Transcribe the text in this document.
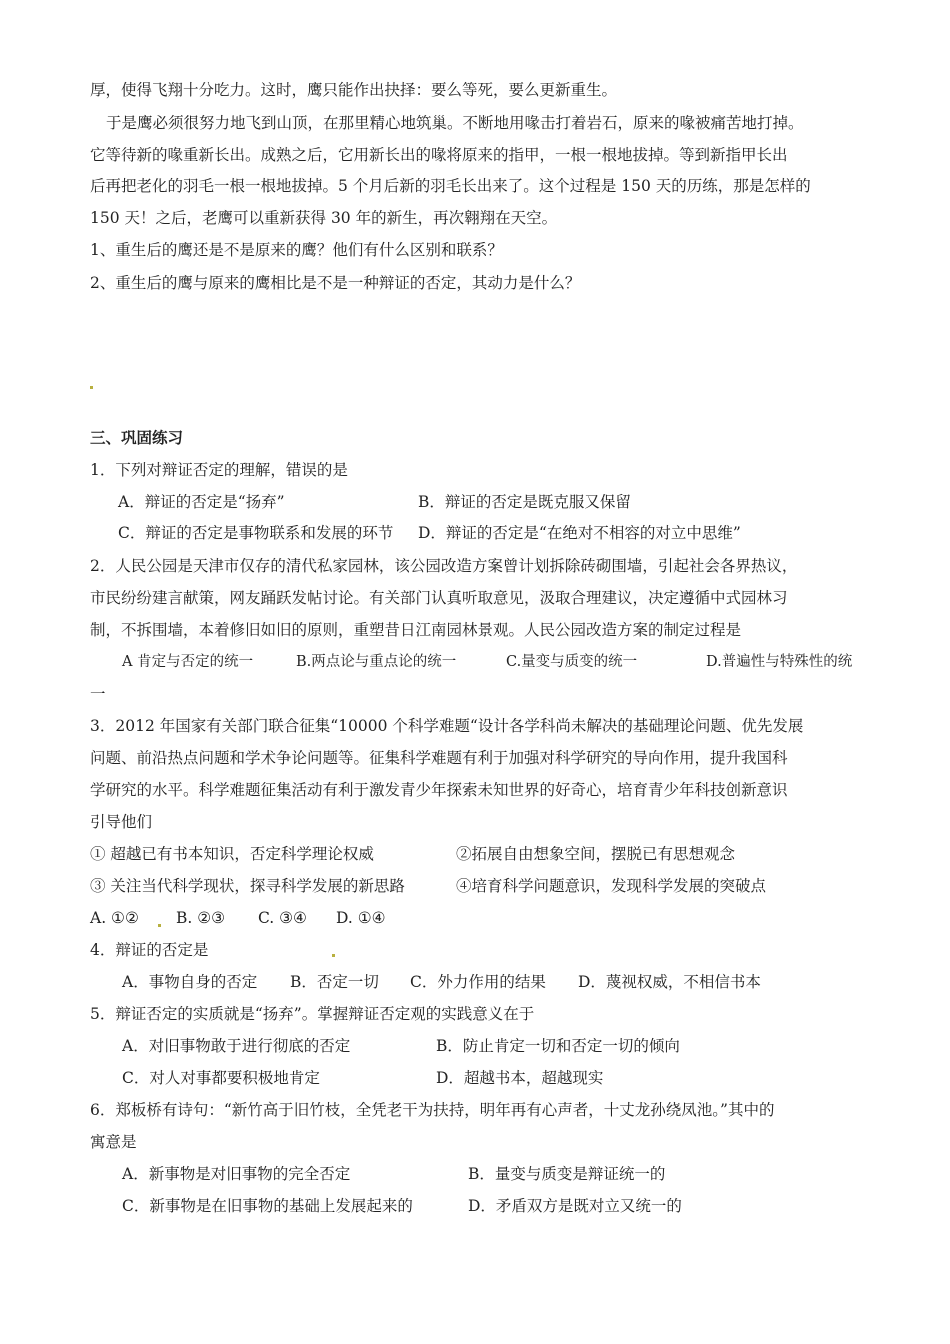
厚，使得飞翔十分吃力。这时，鹰只能作出抉择：要么等死，要么更新重生。
于是鹰必须很努力地飞到山顶，在那里精心地筑巢。不断地用喙击打着岩石，原来的喙被痛苦地打掉。
它等待新的喙重新长出。成熟之后，它用新长出的喙将原来的指甲，一根一根地拔掉。等到新指甲长出
后再把老化的羽毛一根一根地拔掉。5 个月后新的羽毛长出来了。这个过程是 150 天的历练，那是怎样的
150 天！之后，老鹰可以重新获得 30 年的新生，再次翱翔在天空。
1、重生后的鹰还是不是原来的鹰？他们有什么区别和联系？
2、重生后的鹰与原来的鹰相比是不是一种辩证的否定，其动力是什么？
三、巩固练习
1．下列对辩证否定的理解，错误的是
A．辩证的否定是“扬弃”	B．辩证的否定是既克服又保留
C．辩证的否定是事物联系和发展的环节 D．辩证的否定是“在绝对不相容的对立中思维”
2．人民公园是天津市仅存的清代私家园林，该公园改造方案曾计划拆除砖砌围墙，引起社会各界热议，
市民纷纷建言献策，网友踊跃发帖讨论。有关部门认真听取意见，汲取合理建议，决定遵循中式园林习
制，不拆围墙，本着修旧如旧的原则，重塑昔日江南园林景观。人民公园改造方案的制定过程是
A 肯定与否定的统一	B.两点论与重点论的统一	C.量变与质变的统一	D.普遍性与特殊性的统
一
3．2012 年国家有关部门联合征集“10000 个科学难题“设计各学科尚未解决的基础理论问题、优先发展
问题、前沿热点问题和学术争论问题等。征集科学难题有利于加强对科学研究的导向作用，提升我国科
学研究的水平。科学难题征集活动有利于激发青少年探索未知世界的好奇心，培育青少年科技创新意识
引导他们
① 超越已有书本知识，否定科学理论权威	②拓展自由想象空间，摆脱已有思想观念
③ 关注当代科学现状，探寻科学发展的新思路	④培育科学问题意识，发现科学发展的突破点
A. ①② B. ②③ C. ③④ D. ①④
4．辩证的否定是
A．事物自身的否定 B．否定一切 C．外力作用的结果 D．蔑视权威，不相信书本
5．辩证否定的实质就是“扬弃”。掌握辩证否定观的实践意义在于
A．对旧事物敢于进行彻底的否定	B．防止肯定一切和否定一切的倾向
C．对人对事都要积极地肯定	D．超越书本，超越现实
6．郑板桥有诗句：“新竹高于旧竹枝，全凭老干为扶持，明年再有心声者，十丈龙孙绕凤池。”其中的
寓意是
A．新事物是对旧事物的完全否定	B．量变与质变是辩证统一的
C．新事物是在旧事物的基础上发展起来的	D．矛盾双方是既对立又统一的
